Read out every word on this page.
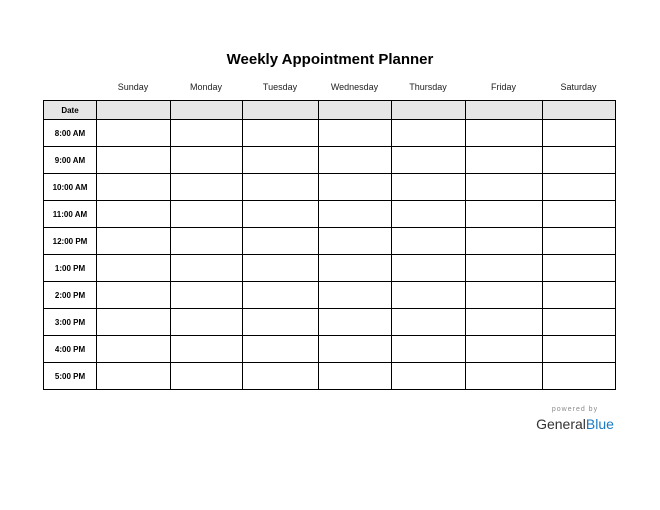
Weekly Appointment Planner
Sunday	Monday	Tuesday	Wednesday	Thursday	Friday	Saturday
Date							
8:00 AM							
9:00 AM							
10:00 AM							
11:00 AM							
12:00 PM							
1:00 PM							
2:00 PM							
3:00 PM							
4:00 PM							
5:00 PM							
powered by
GeneralBlue
